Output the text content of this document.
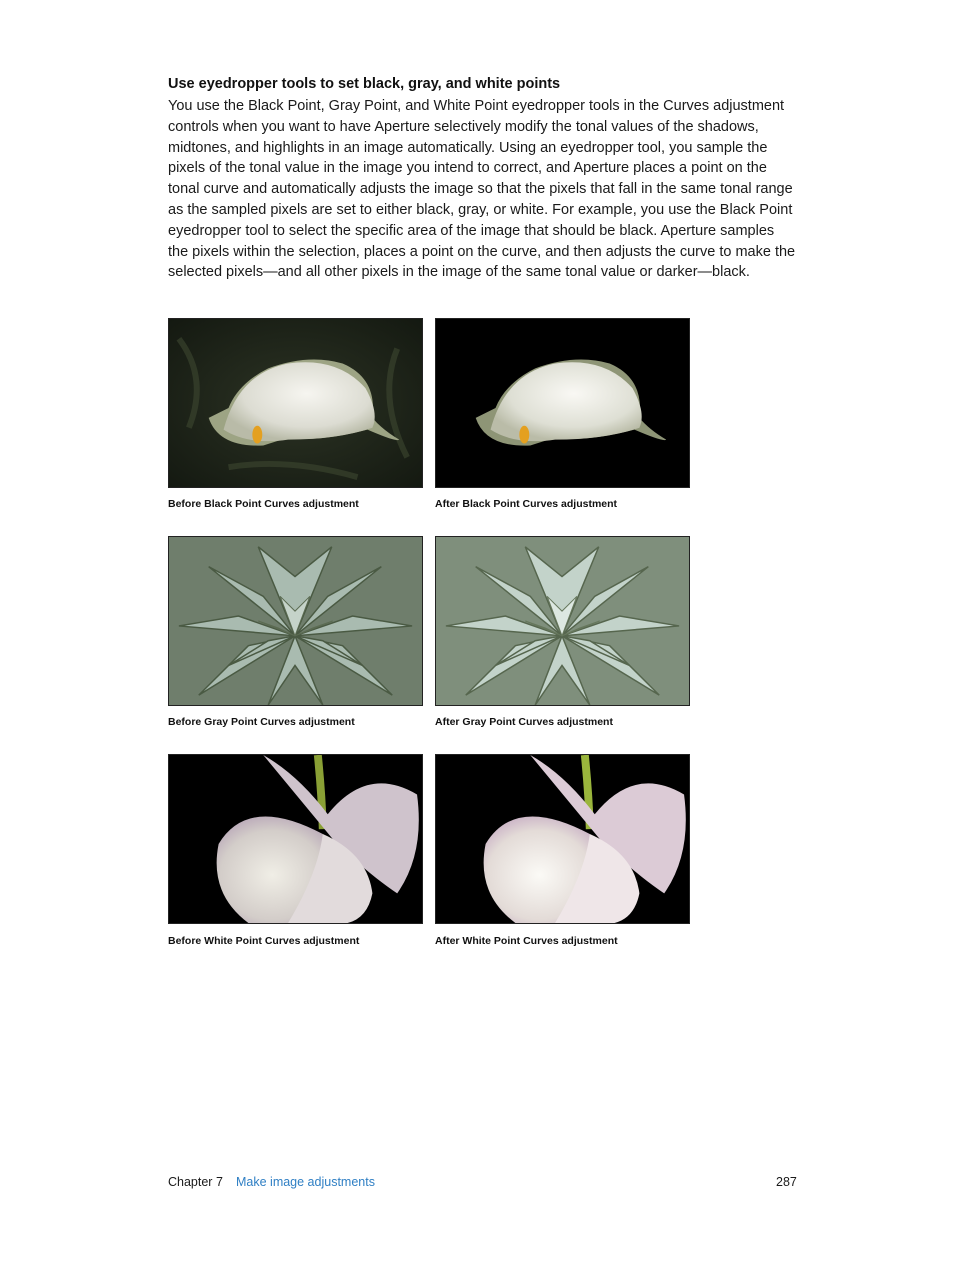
Use eyedropper tools to set black, gray, and white points
You use the Black Point, Gray Point, and White Point eyedropper tools in the Curves adjustment controls when you want to have Aperture selectively modify the tonal values of the shadows, midtones, and highlights in an image automatically. Using an eyedropper tool, you sample the pixels of the tonal value in the image you intend to correct, and Aperture places a point on the tonal curve and automatically adjusts the image so that the pixels that fall in the same tonal range as the sampled pixels are set to either black, gray, or white. For example, you use the Black Point eyedropper tool to select the specific area of the image that should be black. Aperture samples the pixels within the selection, places a point on the curve, and then adjusts the curve to make the selected pixels—and all other pixels in the image of the same tonal value or darker—black.
Before Black Point Curves adjustment	After Black Point Curves adjustment
Before Gray Point Curves adjustment	After Gray Point Curves adjustment
Before White Point Curves adjustment	After White Point Curves adjustment
Chapter 7 Make image adjustments	287
